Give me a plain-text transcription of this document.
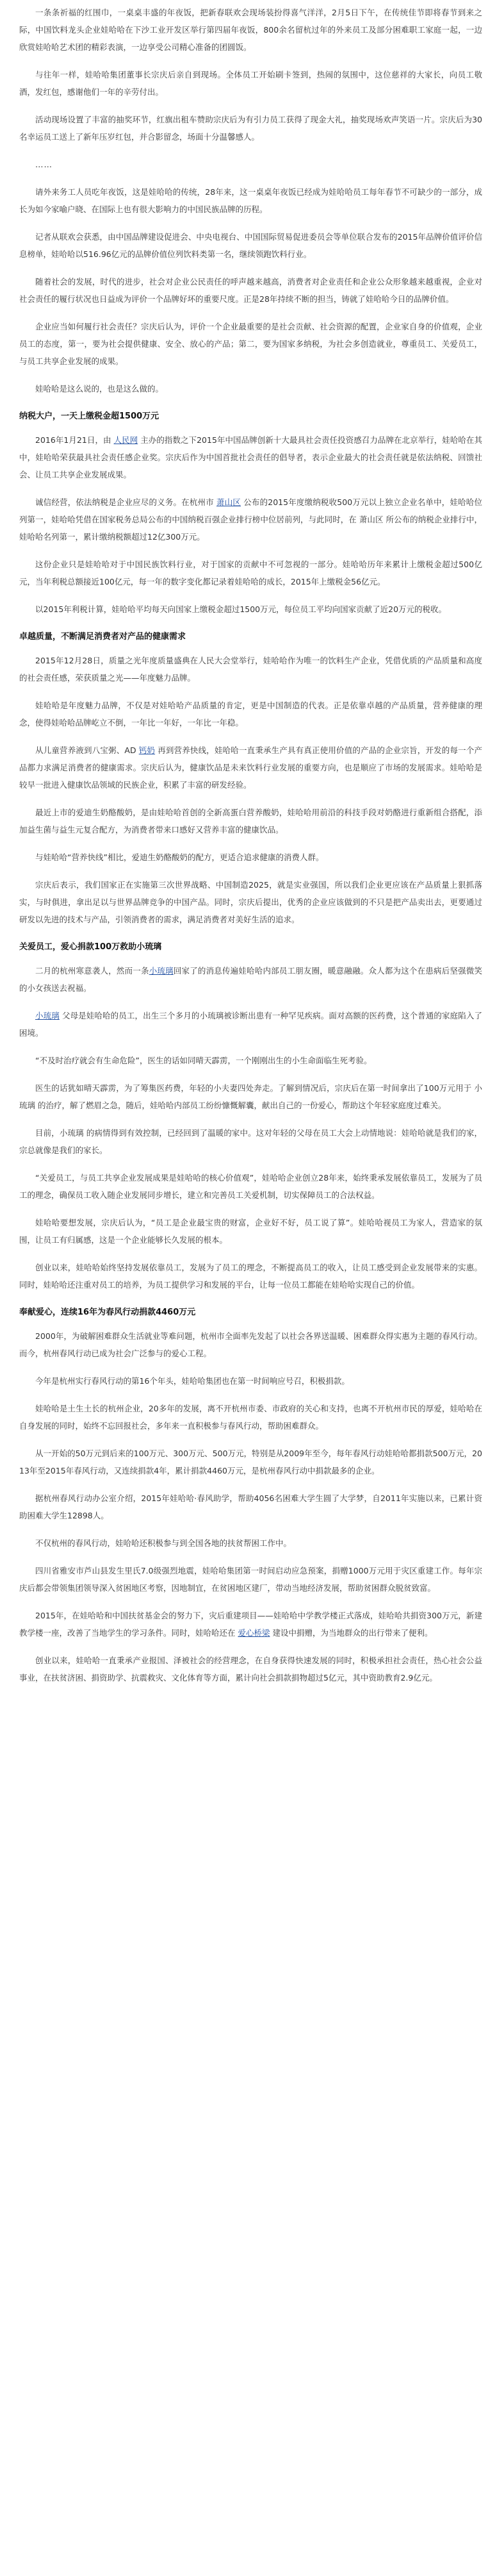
一条条祈福的红围巾，一桌桌丰盛的年夜饭，把新春联欢会现场装扮得喜气洋洋，2月5日下午，在传统佳节即将春节到来之际，中国饮料龙头企业娃哈哈在下沙工业开发区举行第四届年夜饭，800余名留杭过年的外来员工及部分困难职工家庭一起，一边欣赏娃哈哈艺术团的精彩表演，一边享受公司精心准备的团圆饭。

与往年一样，娃哈哈集团董事长宗庆后亲自到现场。全体员工开始刷卡签到，热闹的氛围中，这位慈祥的大家长，向员工敬酒，发红包，感谢他们一年的辛劳付出。

活动现场设置了丰富的抽奖环节，红旗出租车赞助宗庆后为有引力员工获得了现金大礼，抽奖现场欢声笑语一片。宗庆后为30名幸运员工送上了新年压岁红包，并合影留念，场面十分温馨感人。

……

请外来务工人员吃年夜饭，这是娃哈哈的传统，28年来，这一桌桌年夜饭已经成为娃哈哈员工每年春节不可缺少的一部分，成长为如今家喻户晓、在国际上也有很大影响力的中国民族品牌的历程。

记者从联欢会获悉，由中国品牌建设促进会、中央电视台、中国国际贸易促进委员会等单位联合发布的2015年品牌价值评价信息榜单，娃哈哈以516.96亿元的品牌价值位列饮料类第一名，继续领跑饮料行业。

随着社会的发展，时代的进步，社会对企业公民责任的呼声越来越高，消费者对企业责任和企业公众形象越来越重视，企业对社会责任的履行状况也日益成为评价一个品牌好坏的重要尺度。正是28年持续不断的担当，铸就了娃哈哈今日的品牌价值。

企业应当如何履行社会责任？宗庆后认为，评价一个企业最重要的是社会贡献、社会资源的配置，企业家自身的价值观，企业员工的态度，第一，要为社会提供健康、安全、放心的产品；第二，要为国家多纳税，为社会多创造就业，尊重员工、关爱员工，与员工共享企业发展的成果。

娃哈哈是这么说的，也是这么做的。

纳税大户，一天上缴税金超1500万元

2016年1月21日，由 人民网 主办的指数之下2015年中国品牌创新十大最具社会责任投资感召力品牌在北京举行，娃哈哈在其中，娃哈哈荣获最具社会责任感企业奖。宗庆后作为中国首批社会责任的倡导者，表示企业最大的社会责任就是依法纳税、回馈社会、让员工共享企业发展成果。

诚信经营，依法纳税是企业应尽的义务。在杭州市 萧山区 公布的2015年度缴纳税收500万元以上独立企业名单中，娃哈哈位列第一，娃哈哈凭借在国家税务总局公布的中国纳税百强企业排行榜中位居前列，与此同时，在 萧山区 所公布的纳税企业排行中，娃哈哈名列第一，累计缴纳税额超过12亿300万元。

这份企业只是娃哈哈对于中国民族饮料行业，对于国家的贡献中不可忽视的一部分。娃哈哈历年来累计上缴税金超过500亿元，当年利税总额接近100亿元，每一年的数字变化都记录着娃哈哈的成长，2015年上缴税金56亿元。

以2015年利税计算，娃哈哈平均每天向国家上缴税金超过1500万元，每位员工平均向国家贡献了近20万元的税收。

卓越质量，不断满足消费者对产品的健康需求

2015年12月28日，质量之光年度质量盛典在人民大会堂举行，娃哈哈作为唯一的饮料生产企业，凭借优质的产品质量和高度的社会责任感，荣获质量之光——年度魅力品牌。

娃哈哈是年度魅力品牌，不仅是对娃哈哈产品质量的肯定，更是中国制造的代表。正是依靠卓越的产品质量，营养健康的理念，使得娃哈哈品牌屹立不倒，一年比一年好，一年比一年稳。

从儿童营养液到八宝粥、AD 钙奶 再到营养快线，娃哈哈一直秉承生产具有真正使用价值的产品的企业宗旨，开发的每一个产品都力求满足消费者的健康需求。宗庆后认为，健康饮品是未来饮料行业发展的重要方向，也是顺应了市场的发展需求。娃哈哈是较早一批进入健康饮品领域的民族企业，积累了丰富的研发经验。

最近上市的爱迪生奶酪酸奶，是由娃哈哈首创的全新高蛋白营养酸奶，娃哈哈用前沿的科技手段对奶酪进行重新组合搭配，添加益生菌与益生元复合配方，为消费者带来口感好又营养丰富的健康饮品。

与娃哈哈“营养快线”相比，爱迪生奶酪酸奶的配方，更适合追求健康的消费人群。

宗庆后表示，我们国家正在实施第三次世界战略、中国制造2025，就是实业强国，所以我们企业更应该在产品质量上狠抓落实，与时俱进，拿出足以与世界品牌竞争的中国产品。同时，宗庆后提出，优秀的企业应该做到的不只是把产品卖出去，更要通过研发以先进的技术与产品，引领消费者的需求，满足消费者对美好生活的追求。

关爱员工，爱心捐款100万救助小琉璃

二月的杭州寒意袭人，然而一条小琉璃回家了的消息传遍娃哈哈内部员工朋友圈，暖意融融。众人都为这个在患病后坚强微笑的小女孩送去祝福。

小琉璃 父母是娃哈哈的员工，出生三个多月的小琉璃被诊断出患有一种罕见疾病。面对高额的医药费，这个普通的家庭陷入了困境。

“不及时治疗就会有生命危险”，医生的话如同晴天霹雳，一个刚刚出生的小生命面临生死考验。

医生的话犹如晴天霹雳，为了筹集医药费，年轻的小夫妻四处奔走。了解到情况后，宗庆后在第一时间拿出了100万元用于 小琉璃 的治疗，解了燃眉之急，随后，娃哈哈内部员工纷纷慷慨解囊，献出自己的一份爱心，帮助这个年轻家庭度过难关。

目前，小琉璃 的病情得到有效控制，已经回到了温暖的家中。这对年轻的父母在员工大会上动情地说：娃哈哈就是我们的家，宗总就像是我们的家长。

“关爱员工，与员工共享企业发展成果是娃哈哈的核心价值观”，娃哈哈企业创立28年来，始终秉承发展依靠员工，发展为了员工的理念，确保员工收入随企业发展同步增长，建立和完善员工关爱机制，切实保障员工的合法权益。

娃哈哈要想发展，宗庆后认为，“员工是企业最宝贵的财富，企业好不好，员工说了算”。娃哈哈视员工为家人，营造家的氛围，让员工有归属感，这是一个企业能够长久发展的根本。

创业以来，娃哈哈始终坚持发展依靠员工，发展为了员工的理念，不断提高员工的收入，让员工感受到企业发展带来的实惠。同时，娃哈哈还注重对员工的培养，为员工提供学习和发展的平台，让每一位员工都能在娃哈哈实现自己的价值。

奉献爱心，连续16年为春风行动捐款4460万元

2000年，为破解困难群众生活就业等难问题，杭州市全面率先发起了以社会各界送温暖、困难群众得实惠为主题的春风行动。而今，杭州春风行动已成为社会广泛参与的爱心工程。

今年是杭州实行春风行动的第16个年头，娃哈哈集团也在第一时间响应号召，积极捐款。

娃哈哈是土生土长的杭州企业，20多年的发展，离不开杭州市委、市政府的关心和支持，也离不开杭州市民的厚爱，娃哈哈在自身发展的同时，始终不忘回报社会，多年来一直积极参与春风行动，帮助困难群众。

从一开始的50万元到后来的100万元、300万元、500万元，特别是从2009年至今，每年春风行动娃哈哈都捐款500万元，2013年至2015年春风行动，又连续捐款4年，累计捐款4460万元，是杭州春风行动中捐款最多的企业。

据杭州春风行动办公室介绍，2015年娃哈哈·春风助学，帮助4056名困难大学生圆了大学梦，自2011年实施以来，已累计资助困难大学生12898人。

不仅杭州的春风行动，娃哈哈还积极参与到全国各地的扶贫帮困工作中。

四川省雅安市芦山县发生里氏7.0级强烈地震，娃哈哈集团第一时间启动应急预案，捐赠1000万元用于灾区重建工作。每年宗庆后都会带领集团领导深入贫困地区考察，因地制宜，在贫困地区建厂，带动当地经济发展，帮助贫困群众脱贫致富。

2015年，在娃哈哈和中国扶贫基金会的努力下，灾后重建项目——娃哈哈中学教学楼正式落成，娃哈哈共捐资300万元，新建教学楼一座，改善了当地学生的学习条件。同时，娃哈哈还在 爱心桥梁 建设中捐赠，为当地群众的出行带来了便利。

创业以来，娃哈哈一直秉承产业报国、泽被社会的经营理念，在自身获得快速发展的同时，积极承担社会责任，热心社会公益事业，在扶贫济困、捐资助学、抗震救灾、文化体育等方面，累计向社会捐款捐物超过5亿元，其中资助教育2.9亿元。
